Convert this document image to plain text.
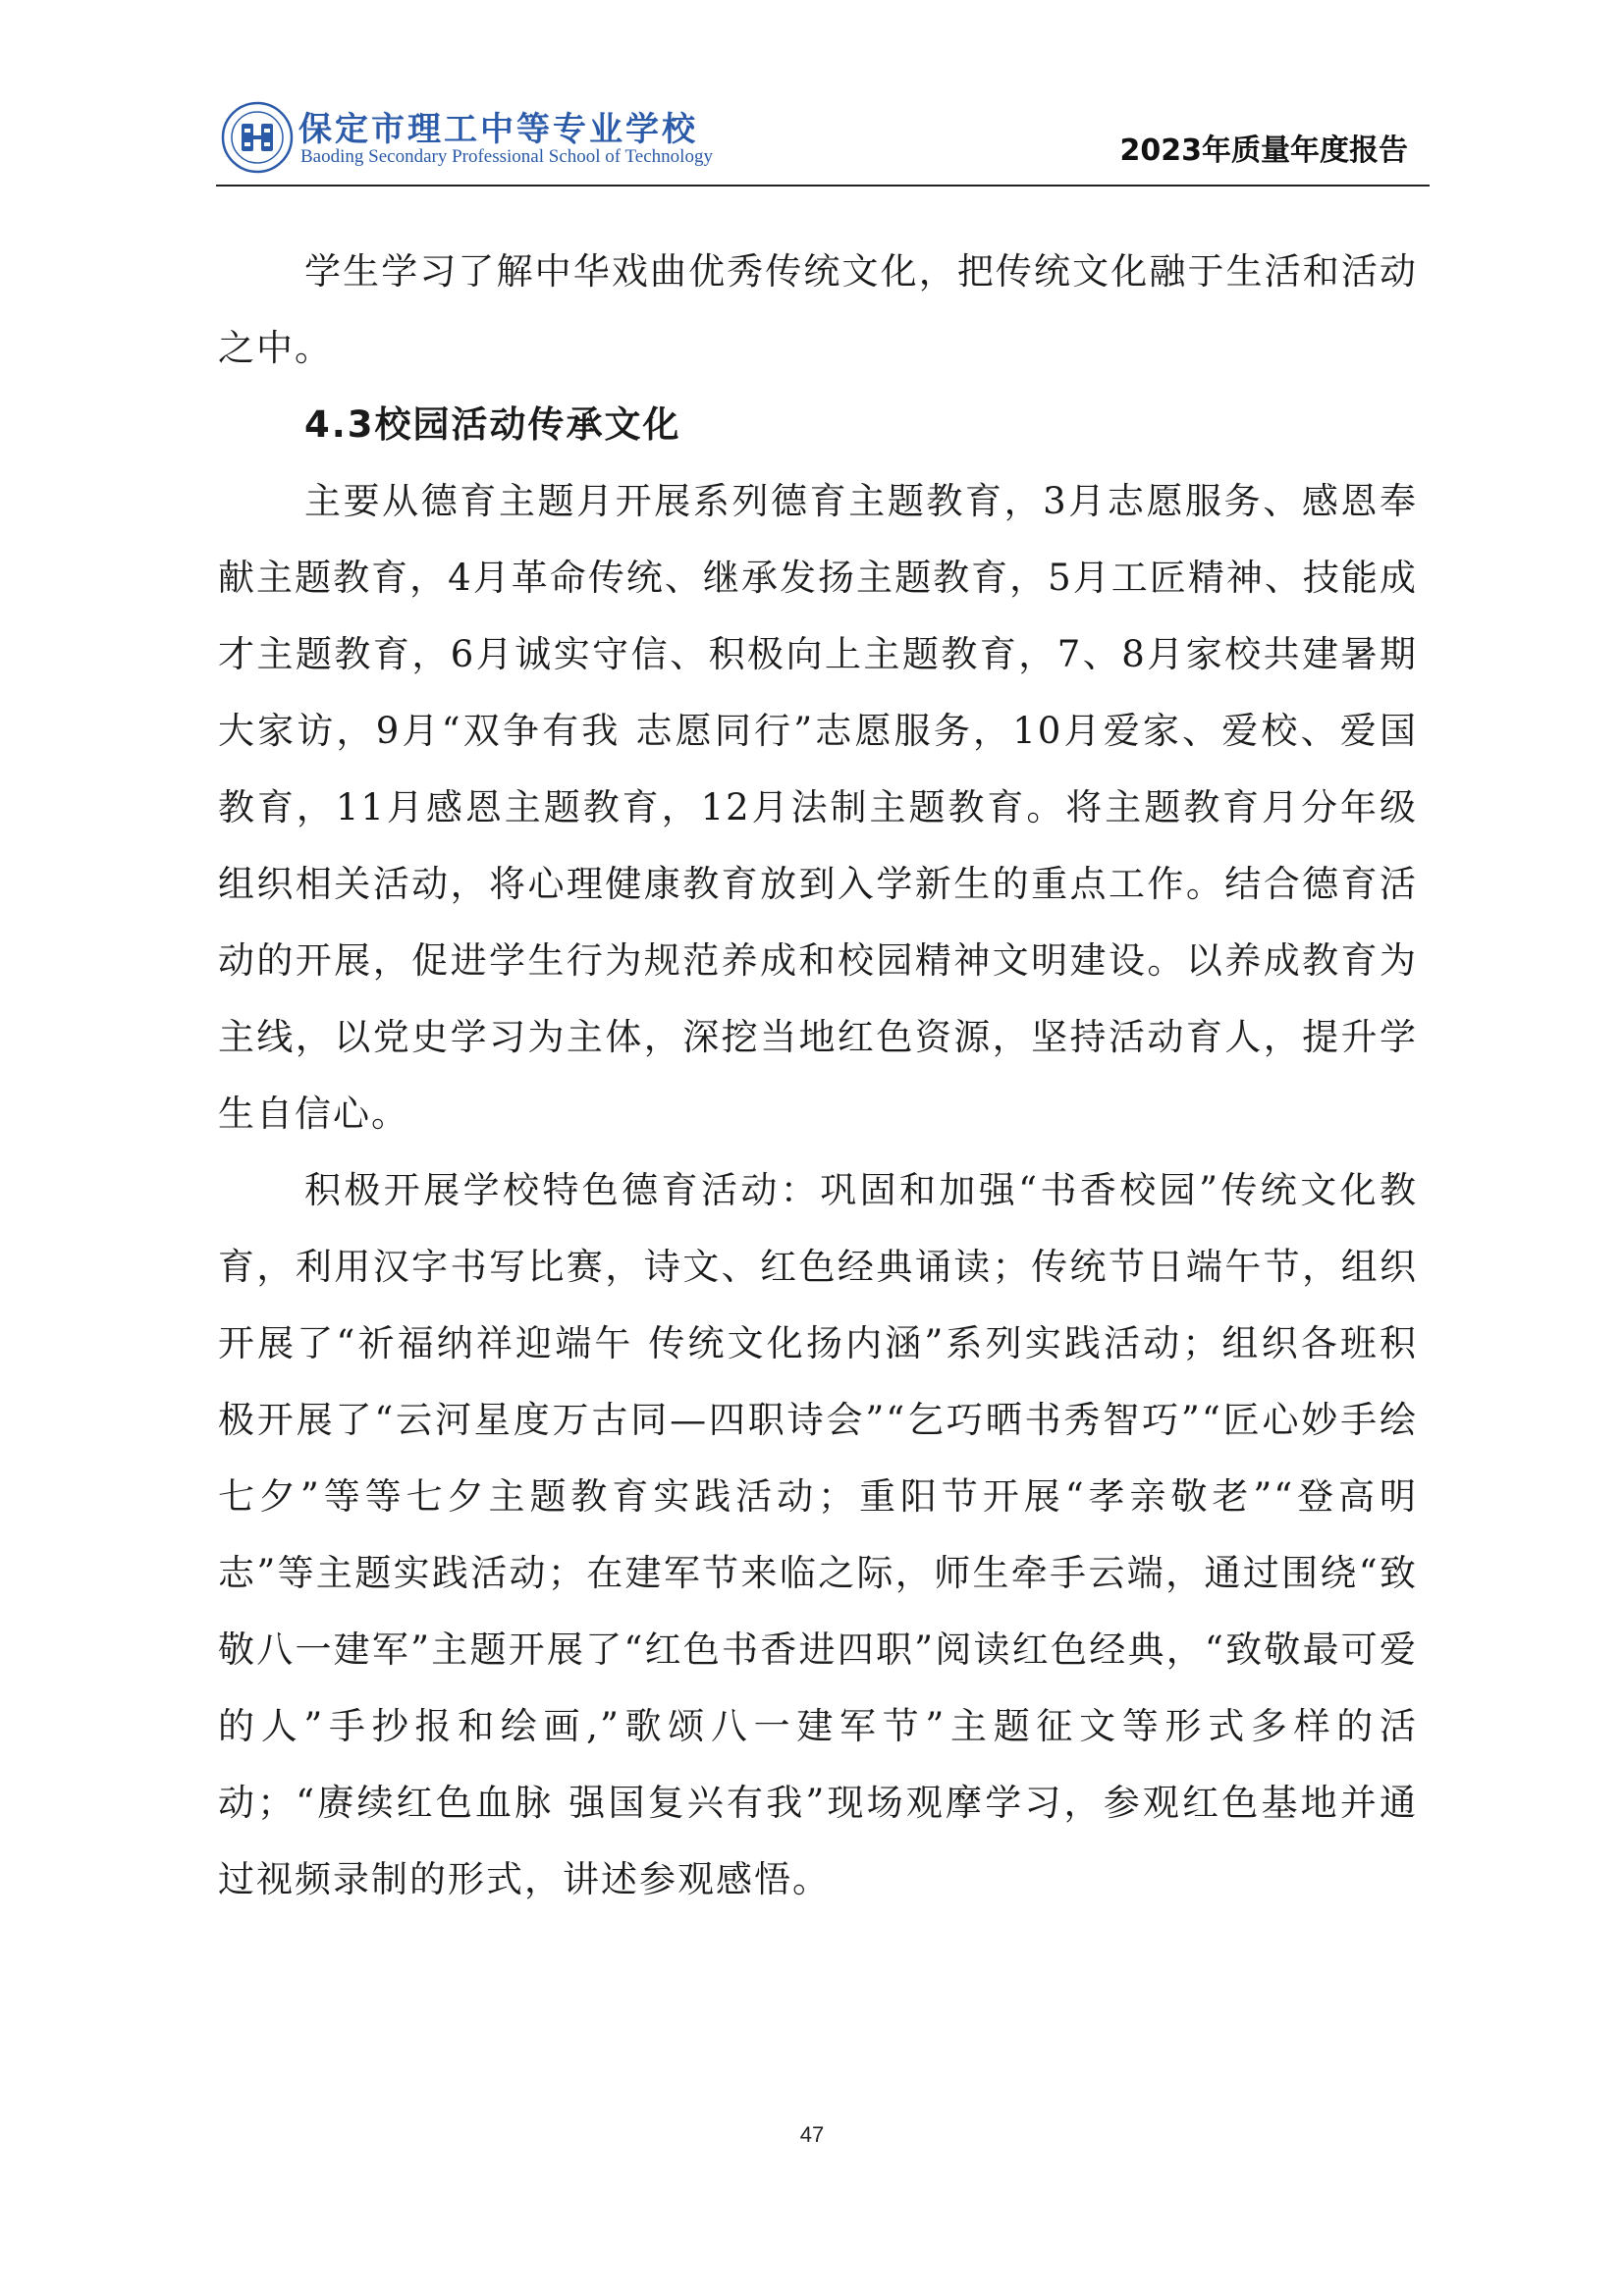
保定市理工中等专业学校
Baoding Secondary Professional School of Technology	2023年质量年度报告

学生学习了解中华戏曲优秀传统文化，把传统文化融于生活和活动之中。

4.3校园活动传承文化

主要从德育主题月开展系列德育主题教育，3月志愿服务、感恩奉献主题教育，4月革命传统、继承发扬主题教育，5月工匠精神、技能成才主题教育，6月诚实守信、积极向上主题教育，7、8月家校共建暑期大家访，9月“双争有我 志愿同行”志愿服务，10月爱家、爱校、爱国教育，11月感恩主题教育，12月法制主题教育。将主题教育月分年级组织相关活动，将心理健康教育放到入学新生的重点工作。结合德育活动的开展，促进学生行为规范养成和校园精神文明建设。以养成教育为主线，以党史学习为主体，深挖当地红色资源，坚持活动育人，提升学生自信心。

积极开展学校特色德育活动：巩固和加强“书香校园”传统文化教育，利用汉字书写比赛，诗文、红色经典诵读；传统节日端午节，组织开展了“祈福纳祥迎端午 传统文化扬内涵”系列实践活动；组织各班积极开展了“云河星度万古同—四职诗会”“乞巧晒书秀智巧”“匠心妙手绘七夕”等等七夕主题教育实践活动；重阳节开展“孝亲敬老”“登高明志”等主题实践活动；在建军节来临之际，师生牵手云端，通过围绕“致敬八一建军”主题开展了“红色书香进四职”阅读红色经典，“致敬最可爱的人”手抄报和绘画,”歌颂八一建军节”主题征文等形式多样的活动；“赓续红色血脉 强国复兴有我”现场观摩学习，参观红色基地并通过视频录制的形式，讲述参观感悟。

47
